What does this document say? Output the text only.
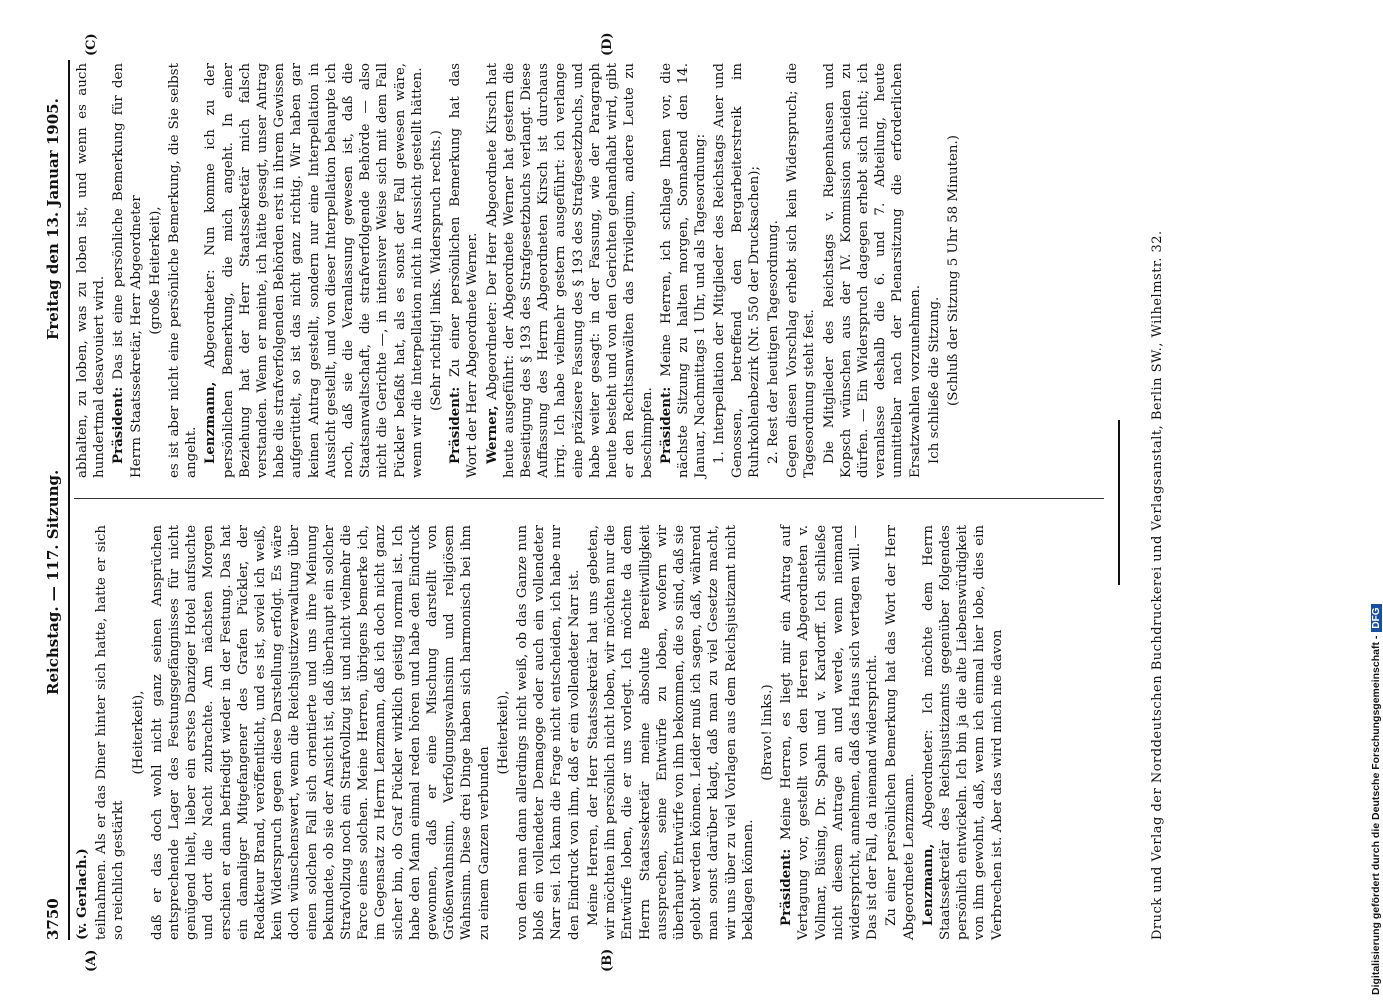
3750
Reichstag. — 117. Sitzung.
Freitag den 13. Januar 1905.
(A)	(B)
(C)	(D)

(v. Gerlach.) teilnahmen. Als er das Diner hinter sich hatte, hatte er sich so reichlich gestärkt

(Heiterkeit), daß er das doch wohl nicht ganz seinen Ansprüchen entsprechende Lager des Festungsgefängnisses für nicht genügend hielt, lieber ein erstes Danziger Hotel aufsuchte und dort die Nacht zubrachte. Am nächsten Morgen erschien er dann befriedigt wieder in der Festung. Das hat ein damaliger Mitgefangener des Grafen Pückler, der Redakteur Brand, veröffentlicht, und es ist, soviel ich weiß, kein Widerspruch gegen diese Darstellung erfolgt. Es wäre doch wünschenswert, wenn die Reichsjustizverwaltung über einen solchen Fall sich orientierte und uns ihre Meinung bekundete, ob sie der Ansicht ist, daß überhaupt ein solcher Strafvollzug noch ein Strafvollzug ist und nicht vielmehr die Farce eines solchen. Meine Herren, übrigens bemerke ich, im Gegensatz zu Herrn Lenzmann, daß ich doch nicht ganz sicher bin, ob Graf Pückler wirklich geistig normal ist. Ich habe den Mann einmal reden hören und habe den Eindruck gewonnen, daß er eine Mischung darstellt von Größenwahnsinn, Verfolgungswahnsinn und religiösem Wahnsinn. Diese drei Dinge haben sich harmonisch bei ihm zu einem Ganzen verbunden

(Heiterkeit), von dem man dann allerdings nicht weiß, ob das Ganze nun bloß ein vollendeter Demagoge oder auch ein vollendeter Narr sei. Ich kann die Frage nicht entscheiden, ich habe nur den Eindruck von ihm, daß er ein vollendeter Narr ist. Meine Herren, der Herr Staatssekretär hat uns gebeten, wir möchten ihn persönlich nicht loben, wir möchten nur die Entwürfe loben, die er uns vorlegt. Ich möchte da dem Herrn Staatssekretär meine absolute Bereitwilligkeit aussprechen, seine Entwürfe zu loben, wofern wir überhaupt Entwürfe von ihm bekommen, die so sind, daß sie gelobt werden können. Leider muß ich sagen, daß, während man sonst darüber klagt, daß man zu viel Gesetze macht, wir uns über zu viel Vorlagen aus dem Reichsjustizamt nicht beklagen können.

(Bravo! links.)

Präsident: Meine Herren, es liegt mir ein Antrag auf Vertagung vor, gestellt von den Herren Abgeordneten v. Vollmar, Büsing, Dr. Spahn und v. Kardorff. Ich schließe nicht diesem Antrage an und werde, wenn niemand widerspricht, annehmen, daß das Haus sich vertagen will. — Das ist der Fall, da niemand widerspricht. Zu einer persönlichen Bemerkung hat das Wort der Herr Abgeordnete Lenzmann. Lenzmann, Abgeordneter: Ich möchte dem Herrn Staatssekretär des Reichsjustizamts gegenüber folgendes persönlich entwickeln. Ich bin ja die alte Liebenswürdigkeit von ihm gewohnt, daß, wenn ich einmal hier lobe, dies ein Verbrechen ist. Aber das wird mich nie davon

abhalten, zu loben, was zu loben ist, und wenn es auch hundertmal desavouiert wird. Präsident: Das ist eine persönliche Bemerkung für den Herrn Staatssekretär, Herr Abgeordneter (große Heiterkeit), es ist aber nicht eine persönliche Bemerkung, die Sie selbst angeht. Lenzmann, Abgeordneter: Nun komme ich zu der persönlichen Bemerkung, die mich angeht. In einer Beziehung hat der Herr Staatssekretär mich falsch verstanden. Wenn er meinte, ich hätte gesagt, unser Antrag habe die strafverfolgenden Behörden erst in ihrem Gewissen aufgerüttelt, so ist das nicht ganz richtig. Wir haben gar keinen Antrag gestellt, sondern nur eine Interpellation in Aussicht gestellt, und von dieser Interpellation behaupte ich noch, daß sie die Veranlassung gewesen ist, daß die Staatsanwaltschaft, die strafverfolgende Behörde — also nicht die Gerichte —, in intensiver Weise sich mit dem Fall Pückler befaßt hat, als es sonst der Fall gewesen wäre, wenn wir die Interpellation nicht in Aussicht gestellt hätten. (Sehr richtig! links. Widerspruch rechts.)

Präsident: Zu einer persönlichen Bemerkung hat das Wort der Herr Abgeordnete Werner. Werner, Abgeordneter: Der Herr Abgeordnete Kirsch hat heute ausgeführt: der Abgeordnete Werner hat gestern die Beseitigung des § 193 des Strafgesetzbuchs verlangt. Diese Auffassung des Herrn Abgeordneten Kirsch ist durchaus irrig. Ich habe vielmehr gestern ausgeführt: ich verlange eine präzisere Fassung des § 193 des Strafgesetzbuchs, und habe weiter gesagt: in der Fassung, wie der Paragraph heute besteht und von den Gerichten gehandhabt wird, gibt er den Rechtsanwälten das Privilegium, andere Leute zu beschimpfen. Präsident: Meine Herren, ich schlage Ihnen vor, die nächste Sitzung zu halten morgen, Sonnabend den 14. Januar, Nachmittags 1 Uhr, und als Tagesordnung: 1. Interpellation der Mitglieder des Reichstags Auer und Genossen, betreffend den Bergarbeiterstreik im Ruhrkohlenbezirk (Nr. 550 der Drucksachen); 2. Rest der heutigen Tagesordnung. Gegen diesen Vorschlag erhebt sich kein Widerspruch; die Tagesordnung steht fest. Die Mitglieder des Reichstags v. Riepenhausen und Kopsch wünschen aus der IV. Kommission scheiden zu dürfen. — Ein Widerspruch dagegen erhebt sich nicht; ich veranlasse deshalb die 6. und 7. Abteilung, heute unmittelbar nach der Plenarsitzung die erforderlichen Ersatzwahlen vorzunehmen. Ich schließe die Sitzung. (Schluß der Sitzung 5 Uhr 58 Minuten.)	Druck und Verlag der Norddeutschen Buchdruckerei und Verlagsanstalt, Berlin SW., Wilhelmstr. 32.	Digitalisierung gefördert durch die Deutsche Forschungsgemeinschaft -DFG
